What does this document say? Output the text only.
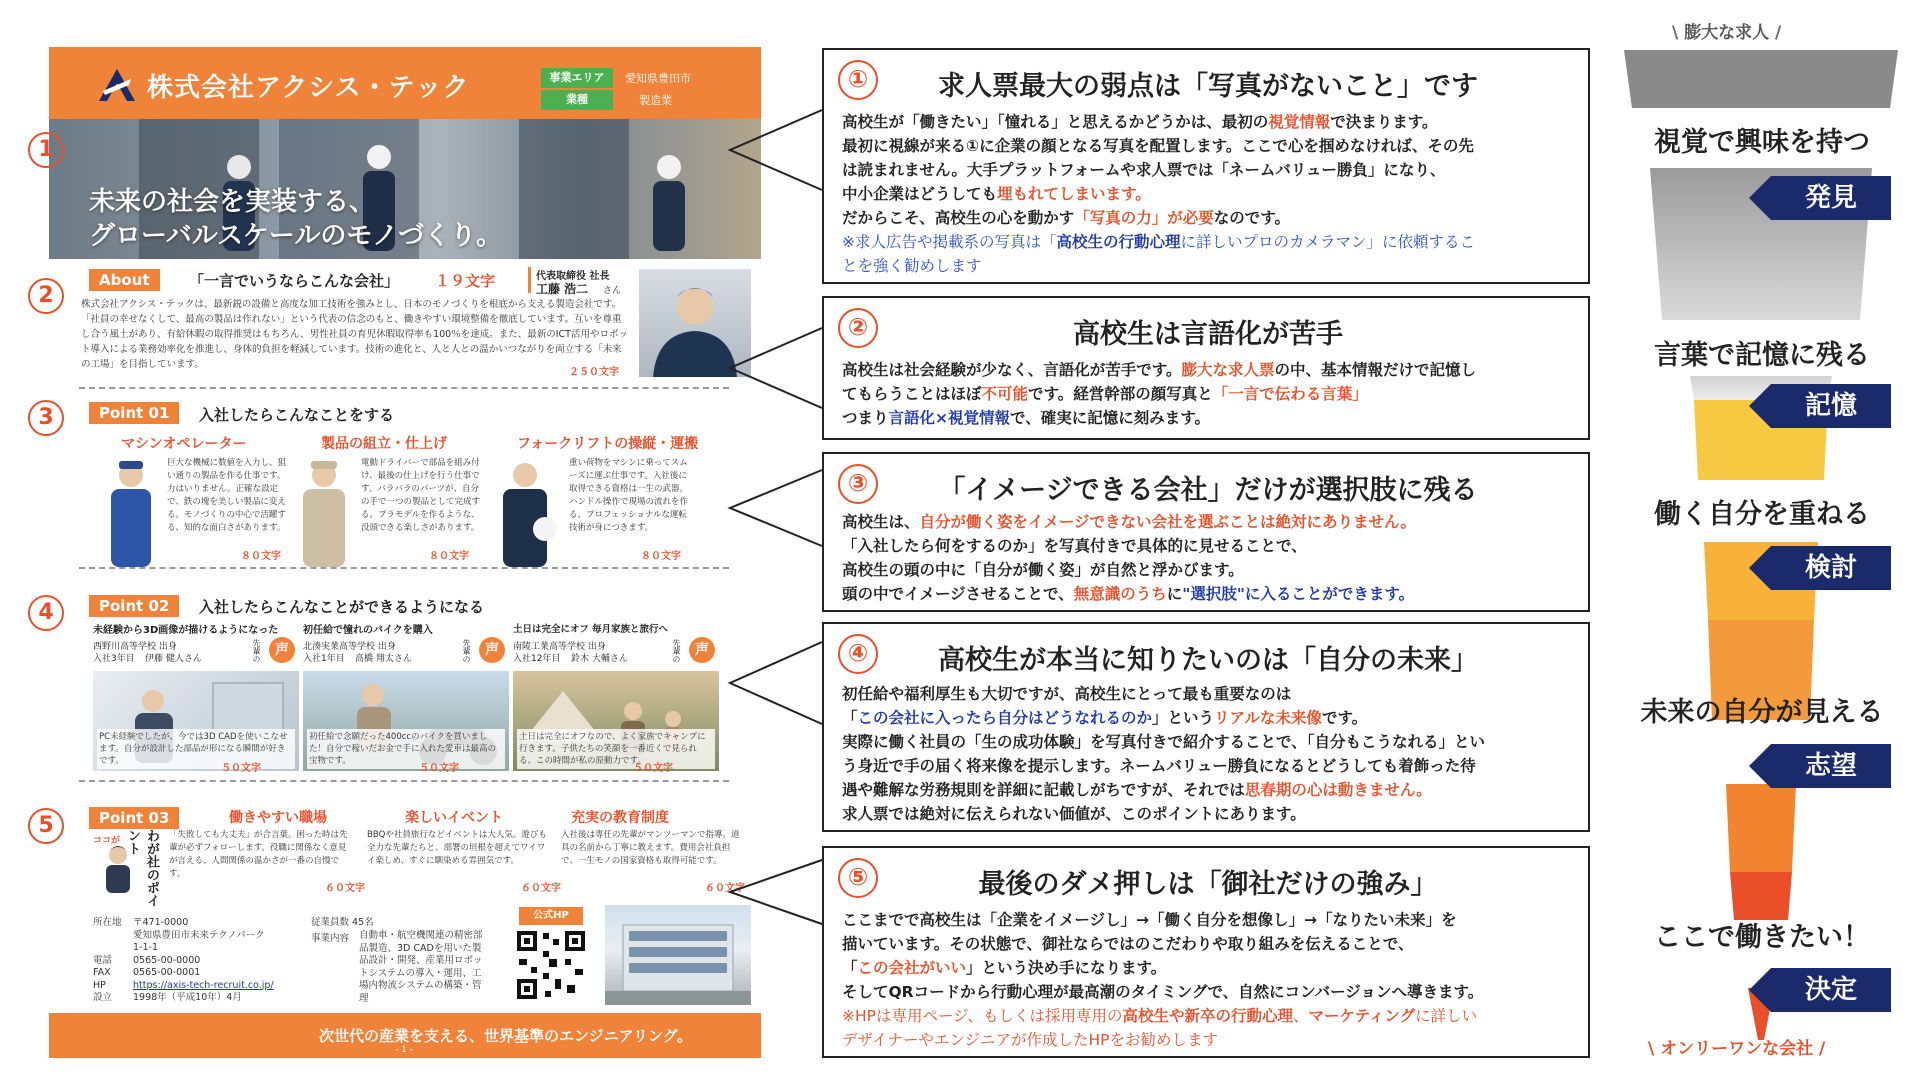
株式会社アクシス・テック	事業エリア
業種
愛知県豊田市
製造業
未来の社会を実装する、
グローバルスケールのモノづくり。
About	「一言でいうならこんな会社」 １９文字	代表取締役 社長
工藤 浩二 さん
株式会社アクシス・テックは、最新鋭の設備と高度な加工技術を強みとし、日本のモノづくりを根底から支える製造会社です。「社員の幸せなくして、最高の製品は作れない」という代表の信念のもと、働きやすい環境整備を徹底しています。互いを尊重し合う風土があり、有給休暇の取得推奨はもちろん、男性社員の育児休暇取得率も100％を達成。また、最新のICT活用やロボット導入による業務効率化を推進し、身体的負担を軽減しています。技術の進化と、人と人との温かいつながりを両立する「未来の工場」を目指しています。
２５０文字
Point 01	入社したらこんなことをする
マシンオペレーター	製品の組立・仕上げ	フォークリフトの操縦・運搬
巨大な機械に数値を入力し、狙い通りの製品を作る仕事です。力はいりません。正確な設定で、鉄の塊を美しい製品に変える。モノづくりの中心で活躍する、知的な面白さがあります。
８０文字
電動ドライバーで部品を組み付け、最後の仕上げを行う仕事です。バラバラのパーツが、自分の手で一つの製品として完成する。プラモデルを作るような、没頭できる楽しさがあります。
８０文字
重い荷物をマシンに乗ってスムーズに運ぶ仕事です。入社後に取得できる資格は一生の武器。ハンドル操作で現場の流れを作る、プロフェッショナルな運転技術が身につきます。
８０文字
Point 02	入社したらこんなことができるようになる
未経験から3D画像が描けるようになった
西野川高等学校 出身
入社3年目 伊藤 健人さん	先輩の	声
PC未経験でしたが、今では3D CADを使いこなせます。自分が設計した部品が形になる瞬間が好きです。
５０文字
初任給で憧れのバイクを購入
北湊実業高等学校 出身
入社1年目 高橋 翔太さん	先輩の	声
初任給で念願だった400ccのバイクを買いました！自分で稼いだお金で手に入れた愛車は最高の宝物です。
５０文字
土日は完全にオフ 毎月家族と旅行へ
南陵工業高等学校 出身
入社12年目 鈴木 大輔さん	先輩の	声
土日は完全にオフなので、よく家族でキャンプに行きます。子供たちの笑顔を一番近くで見られる、この時間が私の原動力です。
５０文字
Point 03
ココが	わが社のポイント
働きやすい職場
「失敗しても大丈夫」が合言葉。困った時は先輩が必ずフォローします。役職に関係なく意見が言える、人間関係の温かさが一番の自慢です。
６０文字
楽しいイベント
BBQや社員旅行などイベントは大人気。遊びも全力な先輩たちと、部署の垣根を超えてワイワイ楽しめ、すぐに馴染める雰囲気です。
６０文字
充実の教育制度
入社後は専任の先輩がマンツーマンで指導。道具の名前から丁寧に教えます。費用会社負担で、一生モノの国家資格も取得可能です。
６０文字
所在地 〒471-0000
愛知県豊田市未来テクノパーク
1-1-1
電話 0565-00-0000
FAX 0565-00-0001
HP	https://axis-tech-recruit.co.jp/
設立 1998年（平成10年）4月
従業員数 45名
事業内容 自動車・航空機関連の精密部品製造、3D CADを用いた製品設計・開発、産業用ロボットシステムの導入・運用、工場内物流システムの構築・管理
公式HP
次世代の産業を支える、世界基準のエンジニアリング。
- 1 -
1
2
3
4
5
①	求人票最大の弱点は「写真がないこと」です
高校生が「働きたい」「憧れる」と思えるかどうかは、最初の視覚情報で決まります。
最初に視線が来る①に企業の顔となる写真を配置します。ここで心を掴めなければ、その先
は読まれません。大手プラットフォームや求人票では「ネームバリュー勝負」になり、
中小企業はどうしても埋もれてしまいます。
だからこそ、高校生の心を動かす「写真の力」が必要なのです。
※求人広告や掲載系の写真は「高校生の行動心理に詳しいプロのカメラマン」に依頼するこ
とを強く勧めします
②	高校生は言語化が苦手
高校生は社会経験が少なく、言語化が苦手です。膨大な求人票の中、基本情報だけで記憶し
てもらうことはほぼ不可能です。経営幹部の顔写真と「一言で伝わる言葉」
つまり言語化×視覚情報で、確実に記憶に刻みます。
③	「イメージできる会社」だけが選択肢に残る
高校生は、自分が働く姿をイメージできない会社を選ぶことは絶対にありません。
「入社したら何をするのか」を写真付きで具体的に見せることで、
高校生の頭の中に「自分が働く姿」が自然と浮かびます。
頭の中でイメージさせることで、無意識のうちに"選択肢"に入ることができます。
④	高校生が本当に知りたいのは「自分の未来」
初任給や福利厚生も大切ですが、高校生にとって最も重要なのは
「この会社に入ったら自分はどうなれるのか」というリアルな未来像です。
実際に働く社員の「生の成功体験」を写真付きで紹介することで、「自分もこうなれる」とい
う身近で手の届く将来像を提示します。ネームバリュー勝負になるとどうしても着飾った待
遇や難解な労務規則を詳細に記載しがちですが、それでは思春期の心は動きません。
求人票では絶対に伝えられない価値が、このポイントにあります。
⑤	最後のダメ押しは「御社だけの強み」
ここまでで高校生は「企業をイメージし」→「働く自分を想像し」→「なりたい未来」を
描いています。その状態で、御社ならではのこだわりや取り組みを伝えることで、
「この会社がいい」という決め手になります。
そしてQRコードから行動心理が最高潮のタイミングで、自然にコンバージョンへ導きます。
※HPは専用ページ、もしくは採用専用の高校生や新卒の行動心理、マーケティングに詳しい
デザイナーやエンジニアが作成したHPをお勧めします
\ 膨大な求人 /
視覚で興味を持つ
発見
言葉で記憶に残る
記憶
働く自分を重ねる
検討
未来の自分が見える
志望
ここで働きたい！
決定
\ オンリーワンな会社 /
